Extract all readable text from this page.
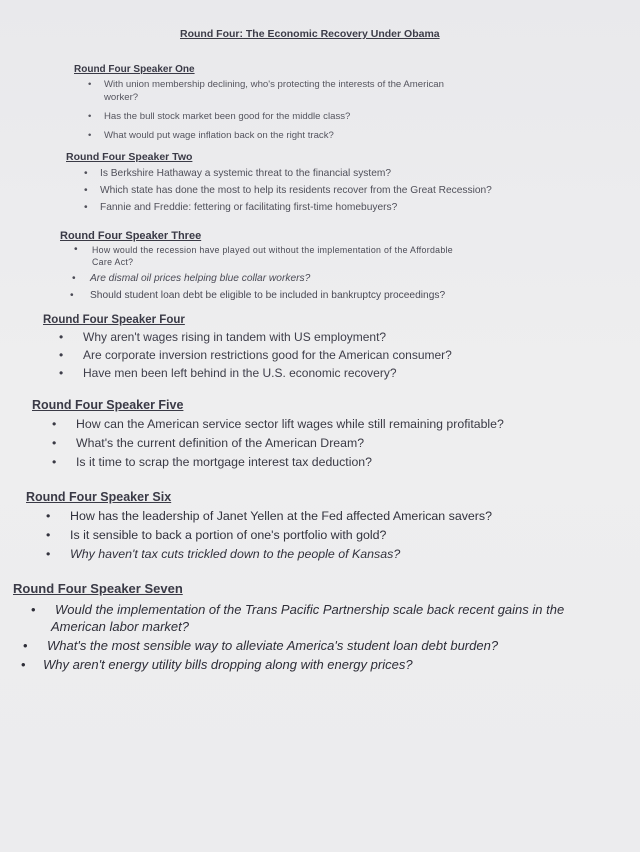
Round Four: The Economic Recovery Under Obama
Round Four Speaker One
• With union membership declining, who's protecting the interests of the American
worker?
• Has the bull stock market been good for the middle class?
• What would put wage inflation back on the right track?
Round Four Speaker Two
• Is Berkshire Hathaway a systemic threat to the financial system?
• Which state has done the most to help its residents recover from the Great Recession?
• Fannie and Freddie: fettering or facilitating first-time homebuyers?
Round Four Speaker Three
• How would the recession have played out without the implementation of the Affordable
Care Act?
• Are dismal oil prices helping blue collar workers?
• Should student loan debt be eligible to be included in bankruptcy proceedings?
Round Four Speaker Four
• Why aren't wages rising in tandem with US employment?
• Are corporate inversion restrictions good for the American consumer?
• Have men been left behind in the U.S. economic recovery?
Round Four Speaker Five
• How can the American service sector lift wages while still remaining profitable?
• What's the current definition of the American Dream?
• Is it time to scrap the mortgage interest tax deduction?
Round Four Speaker Six
• How has the leadership of Janet Yellen at the Fed affected American savers?
• Is it sensible to back a portion of one's portfolio with gold?
• Why haven't tax cuts trickled down to the people of Kansas?
Round Four Speaker Seven
• Would the implementation of the Trans Pacific Partnership scale back recent gains in the
American labor market?
• What's the most sensible way to alleviate America's student loan debt burden?
• Why aren't energy utility bills dropping along with energy prices?
